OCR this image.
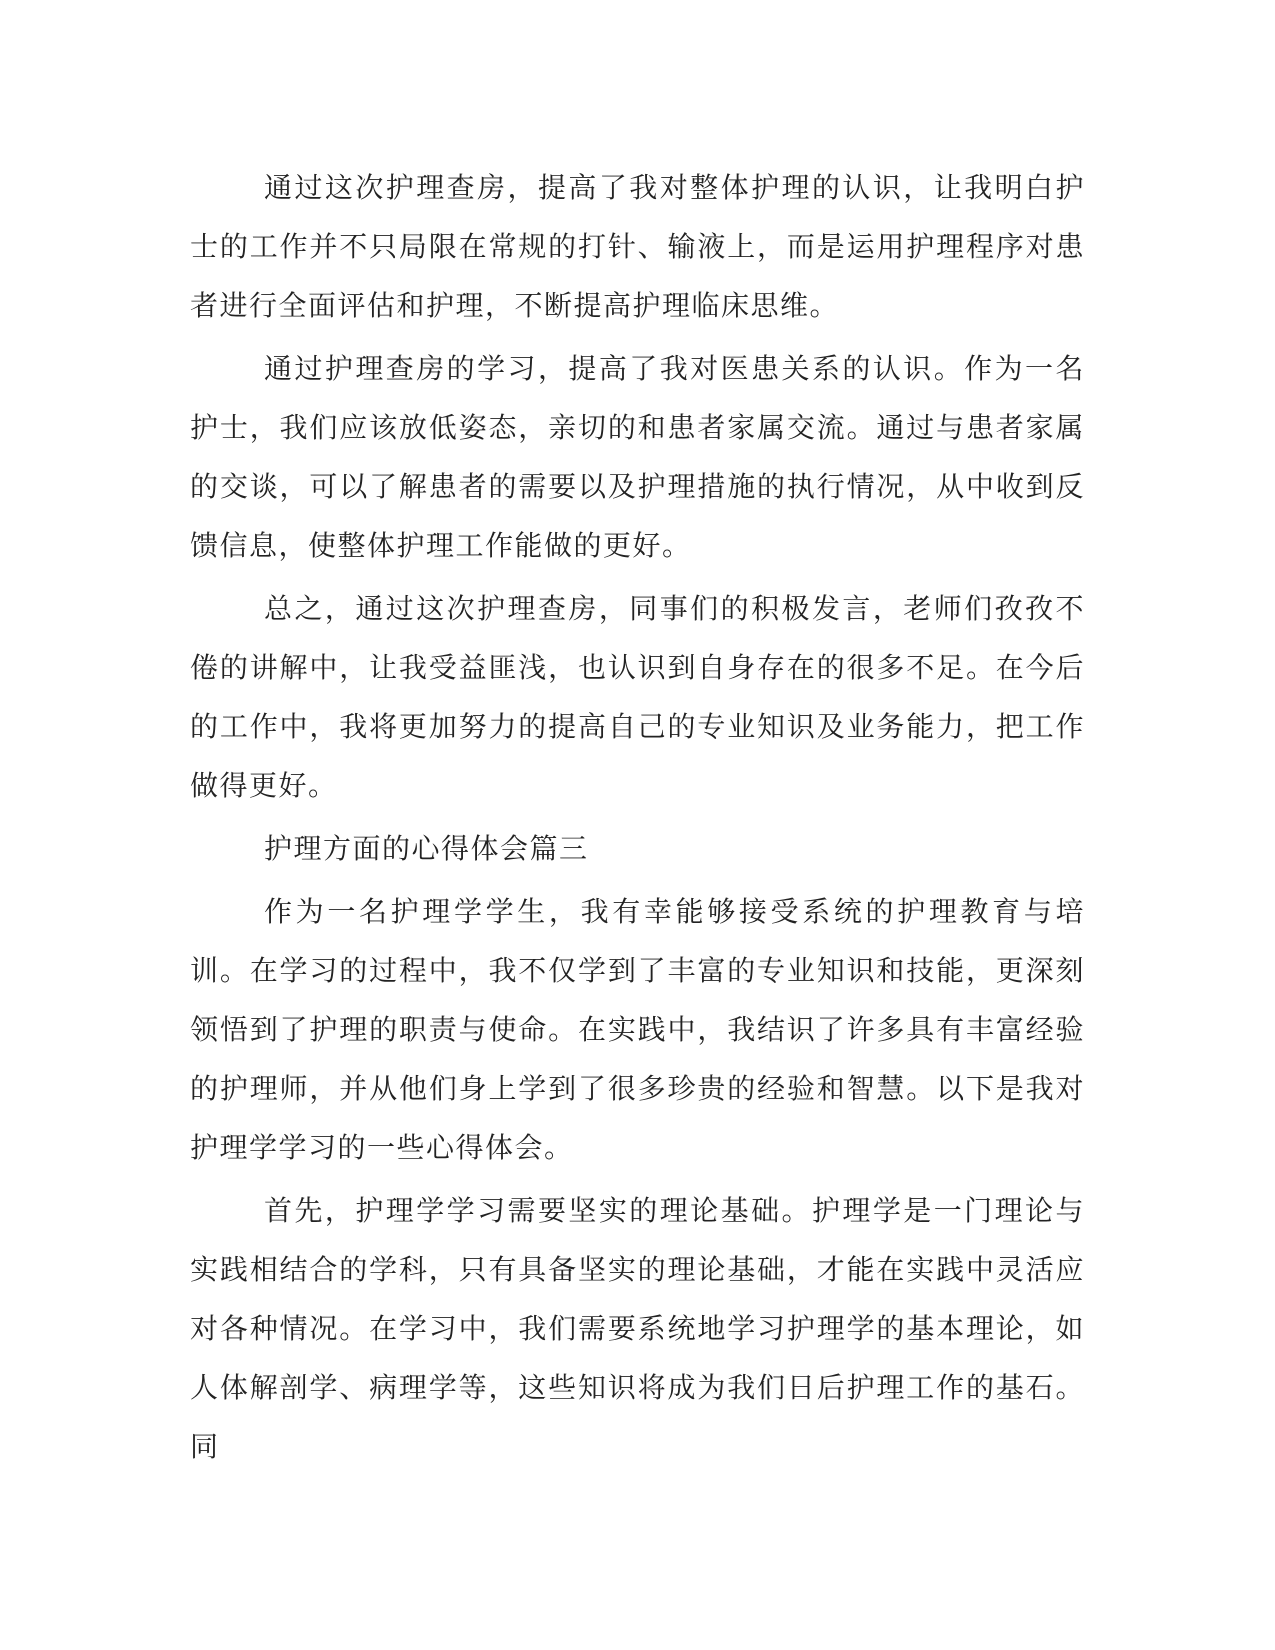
通过这次护理查房，提高了我对整体护理的认识，让我明白护士的工作并不只局限在常规的打针、输液上，而是运用护理程序对患者进行全面评估和护理，不断提高护理临床思维。

通过护理查房的学习，提高了我对医患关系的认识。作为一名护士，我们应该放低姿态，亲切的和患者家属交流。通过与患者家属的交谈，可以了解患者的需要以及护理措施的执行情况，从中收到反馈信息，使整体护理工作能做的更好。

总之，通过这次护理查房，同事们的积极发言，老师们孜孜不倦的讲解中，让我受益匪浅，也认识到自身存在的很多不足。在今后的工作中，我将更加努力的提高自己的专业知识及业务能力，把工作做得更好。

护理方面的心得体会篇三

作为一名护理学学生，我有幸能够接受系统的护理教育与培训。在学习的过程中，我不仅学到了丰富的专业知识和技能，更深刻领悟到了护理的职责与使命。在实践中，我结识了许多具有丰富经验的护理师，并从他们身上学到了很多珍贵的经验和智慧。以下是我对护理学学习的一些心得体会。

首先，护理学学习需要坚实的理论基础。护理学是一门理论与实践相结合的学科，只有具备坚实的理论基础，才能在实践中灵活应对各种情况。在学习中，我们需要系统地学习护理学的基本理论，如人体解剖学、病理学等，这些知识将成为我们日后护理工作的基石。同
